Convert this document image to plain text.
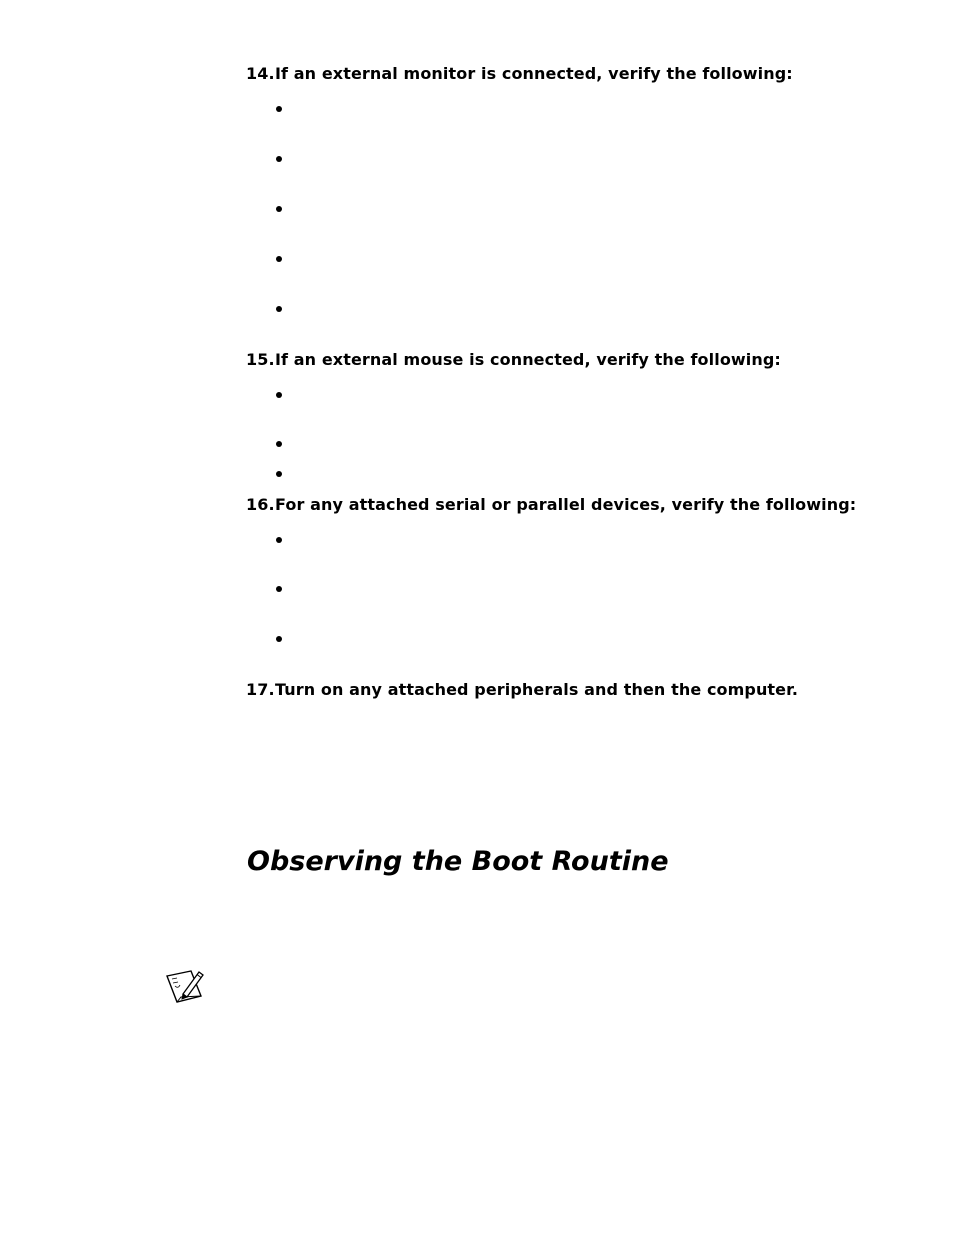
14.If an external monitor is connected, verify the following:
15.If an external mouse is connected, verify the following:
16.For any attached serial or parallel devices, verify the following:
17.Turn on any attached peripherals and then the computer.
Observing the Boot Routine
